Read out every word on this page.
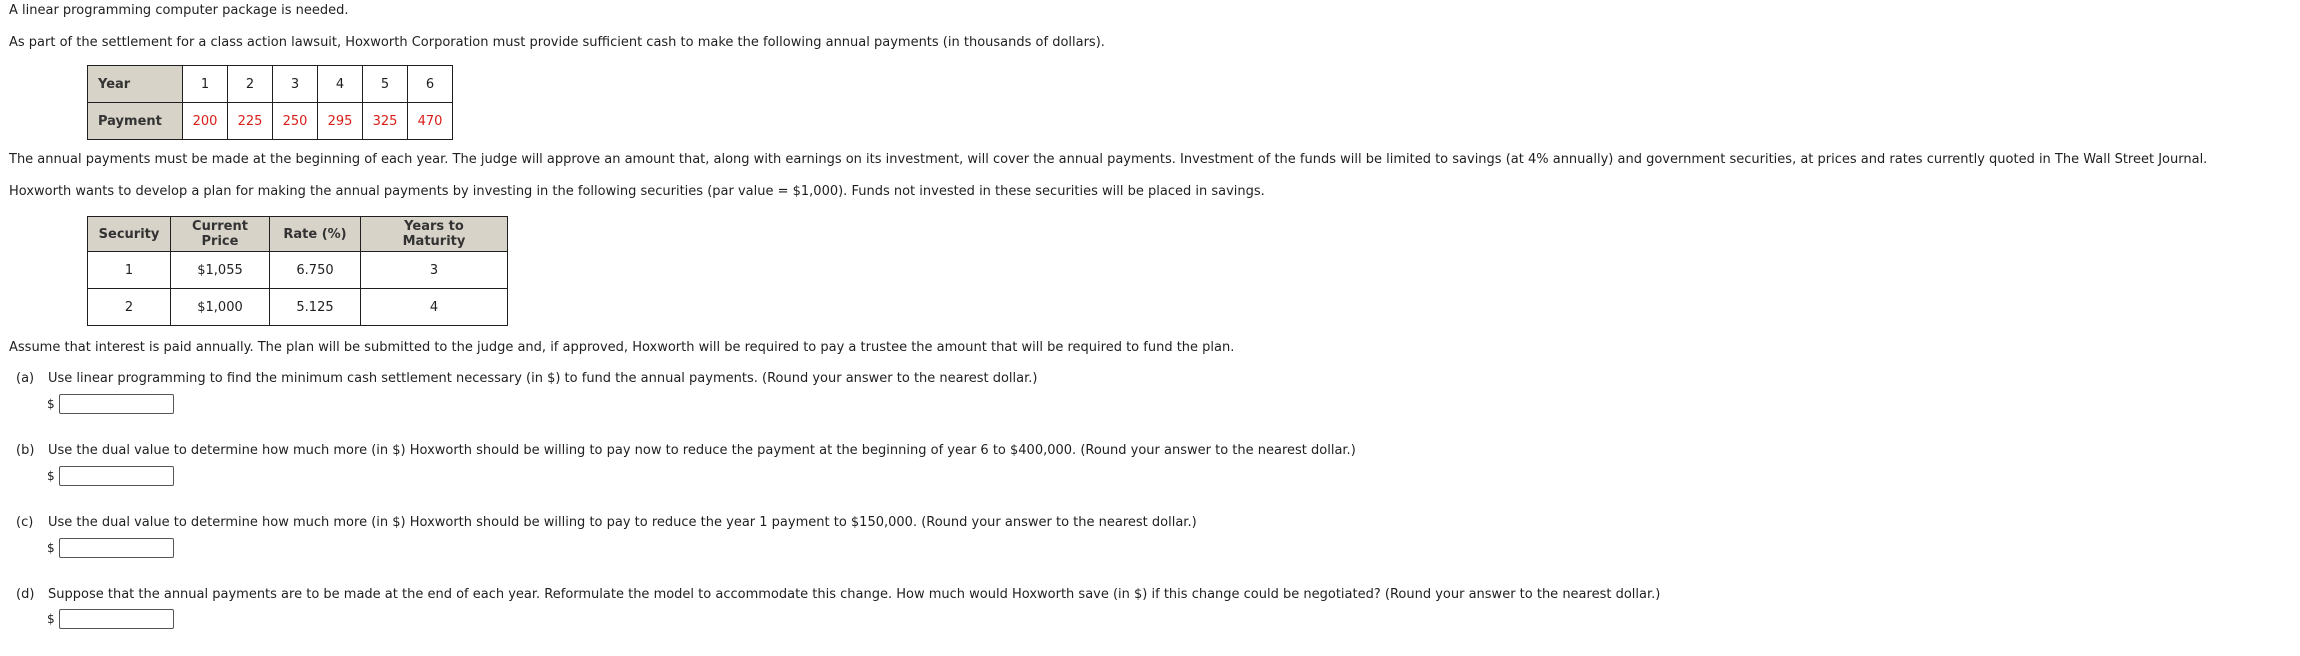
A linear programming computer package is needed.
As part of the settlement for a class action lawsuit, Hoxworth Corporation must provide sufficient cash to make the following annual payments (in thousands of dollars).
Year	1	2	3	4	5	6
Payment	200	225	250	295	325	470
The annual payments must be made at the beginning of each year. The judge will approve an amount that, along with earnings on its investment, will cover the annual payments. Investment of the funds will be limited to savings (at 4% annually) and government securities, at prices and rates currently quoted in The Wall Street Journal.
Hoxworth wants to develop a plan for making the annual payments by investing in the following securities (par value = $1,000). Funds not invested in these securities will be placed in savings.
Security	Current Price	Rate (%)	Years to Maturity
1	$1,055	6.750	3
2	$1,000	5.125	4
Assume that interest is paid annually. The plan will be submitted to the judge and, if approved, Hoxworth will be required to pay a trustee the amount that will be required to fund the plan.
(a) Use linear programming to find the minimum cash settlement necessary (in $) to fund the annual payments. (Round your answer to the nearest dollar.)
$
(b) Use the dual value to determine how much more (in $) Hoxworth should be willing to pay now to reduce the payment at the beginning of year 6 to $400,000. (Round your answer to the nearest dollar.)
$
(c) Use the dual value to determine how much more (in $) Hoxworth should be willing to pay to reduce the year 1 payment to $150,000. (Round your answer to the nearest dollar.)
$
(d) Suppose that the annual payments are to be made at the end of each year. Reformulate the model to accommodate this change. How much would Hoxworth save (in $) if this change could be negotiated? (Round your answer to the nearest dollar.)
$
